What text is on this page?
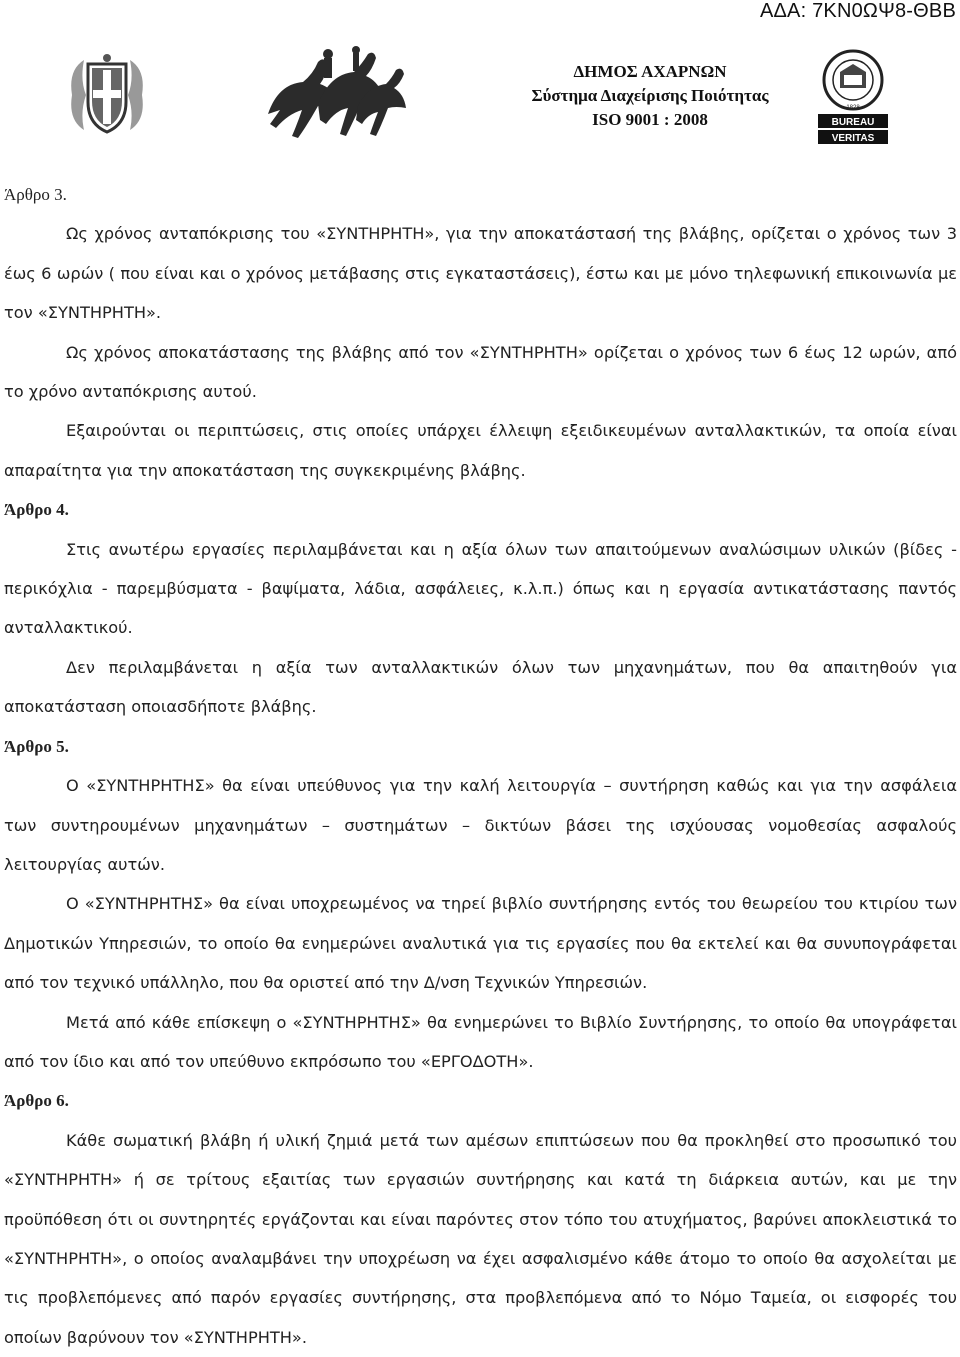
ΑΔΑ: 7ΚΝ0ΩΨ8-ΘΒΒ
ΔΗΜΟΣ ΑΧΑΡΝΩΝ
Σύστημα Διαχείρισης Ποιότητας
ISO 9001 : 2008	BUREAU
VERITAS
1828

Άρθρο 3.

Ως χρόνος ανταπόκρισης του «ΣΥΝΤΗΡΗΤΗ», για την αποκατάστασή της βλάβης, ορίζεται ο χρόνος των 3 έως 6 ωρών ( που είναι και ο χρόνος μετάβασης στις εγκαταστάσεις), έστω και με μόνο τηλεφωνική επικοινωνία με τον «ΣΥΝΤΗΡΗΤΗ».

Ως χρόνος αποκατάστασης της βλάβης από τον «ΣΥΝΤΗΡΗΤΗ» ορίζεται ο χρόνος των 6 έως 12 ωρών, από το χρόνο ανταπόκρισης αυτού.

Εξαιρούνται οι περιπτώσεις, στις οποίες υπάρχει έλλειψη εξειδικευμένων ανταλλακτικών, τα οποία είναι απαραίτητα για την αποκατάσταση της συγκεκριμένης βλάβης.

Άρθρο 4.

Στις ανωτέρω εργασίες περιλαμβάνεται και η αξία όλων των απαιτούμενων αναλώσιμων υλικών (βίδες - περικόχλια - παρεμβύσματα - βαψίματα, λάδια, ασφάλειες, κ.λ.π.) όπως και η εργασία αντικατάστασης παντός ανταλλακτικού.

Δεν περιλαμβάνεται η αξία των ανταλλακτικών όλων των μηχανημάτων, που θα απαιτηθούν για αποκατάσταση οποιασδήποτε βλάβης.

Άρθρο 5.

Ο «ΣΥΝΤΗΡΗΤΗΣ» θα είναι υπεύθυνος για την καλή λειτουργία – συντήρηση καθώς και για την ασφάλεια των συντηρουμένων μηχανημάτων – συστημάτων – δικτύων βάσει της ισχύουσας νομοθεσίας ασφαλούς λειτουργίας αυτών.

Ο «ΣΥΝΤΗΡΗΤΗΣ» θα είναι υποχρεωμένος να τηρεί βιβλίο συντήρησης εντός του θεωρείου του κτιρίου των Δημοτικών Υπηρεσιών, το οποίο θα ενημερώνει αναλυτικά για τις εργασίες που θα εκτελεί και θα συνυπογράφεται από τον τεχνικό υπάλληλο, που θα οριστεί από την Δ/νση Τεχνικών Υπηρεσιών.

Μετά από κάθε επίσκεψη ο «ΣΥΝΤΗΡΗΤΗΣ» θα ενημερώνει το Βιβλίο Συντήρησης, το οποίο θα υπογράφεται από τον ίδιο και από τον υπεύθυνο εκπρόσωπο του «ΕΡΓΟΔΟΤΗ».

Άρθρο 6.

Κάθε σωματική βλάβη ή υλική ζημιά μετά των αμέσων επιπτώσεων που θα προκληθεί στο προσωπικό του «ΣΥΝΤΗΡΗΤΗ» ή σε τρίτους εξαιτίας των εργασιών συντήρησης και κατά τη διάρκεια αυτών, και με την προϋπόθεση ότι οι συντηρητές εργάζονται και είναι παρόντες στον τόπο του ατυχήματος, βαρύνει αποκλειστικά το «ΣΥΝΤΗΡΗΤΗ», ο οποίος αναλαμβάνει την υποχρέωση να έχει ασφαλισμένο κάθε άτομο το οποίο θα ασχολείται με τις προβλεπόμενες από παρόν εργασίες συντήρησης, στα προβλεπόμενα από το Νόμο Ταμεία, οι εισφορές του οποίων βαρύνουν τον «ΣΥΝΤΗΡΗΤΗ».
